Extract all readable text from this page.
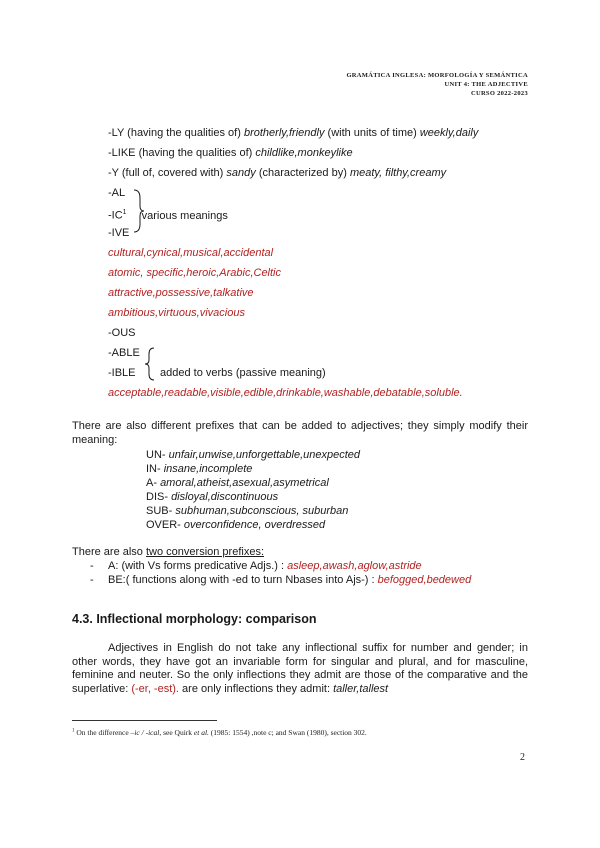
GRAMÁTICA INGLESA: MORFOLOGÍA Y SEMÁNTICA
UNIT 4: THE ADJECTIVE
CURSO 2022-2023
-LY (having the qualities of) brotherly,friendly (with units of time) weekly,daily
-LIKE (having the qualities of) childlike,monkeylike
-Y (full of, covered with) sandy (characterized by) meaty, filthy,creamy
-AL
$-IC^1$ various meanings
-IVE
cultural,cynical,musical,accidental
atomic, specific,heroic,Arabic,Celtic
attractive,possessive,talkative
ambitious,virtuous,vivacious
-OUS
-ABLE
-IBLE added to verbs (passive meaning)
acceptable,readable,visible,edible,drinkable,washable,debatable,soluble.
There are also different prefixes that can be added to adjectives; they simply modify their meaning:
UN- unfair,unwise,unforgettable,unexpected
IN- insane,incomplete
A- amoral,atheist,asexual,asymetrical
DIS- disloyal,discontinuous
SUB- subhuman,subconscious, suburban
OVER- overconfidence, overdressed
There are also two conversion prefixes:
- A: (with Vs forms predicative Adjs.) : asleep,awash,aglow,astride
- BE:( functions along with -ed to turn Nbases into Ajs-) : befogged,bedewed
4.3. Inflectional morphology: comparison
Adjectives in English do not take any inflectional suffix for number and gender; in other words, they have got an invariable form for singular and plural, and for masculine, feminine and neuter. So the only inflections they admit are those of the comparative and the superlative: (-er, -est). are only inflections they admit: taller,tallest
$^1$ On the difference –ic / -ical, see Quirk et al. (1985: 1554) ,note c; and Swan (1980), section 302.
2
